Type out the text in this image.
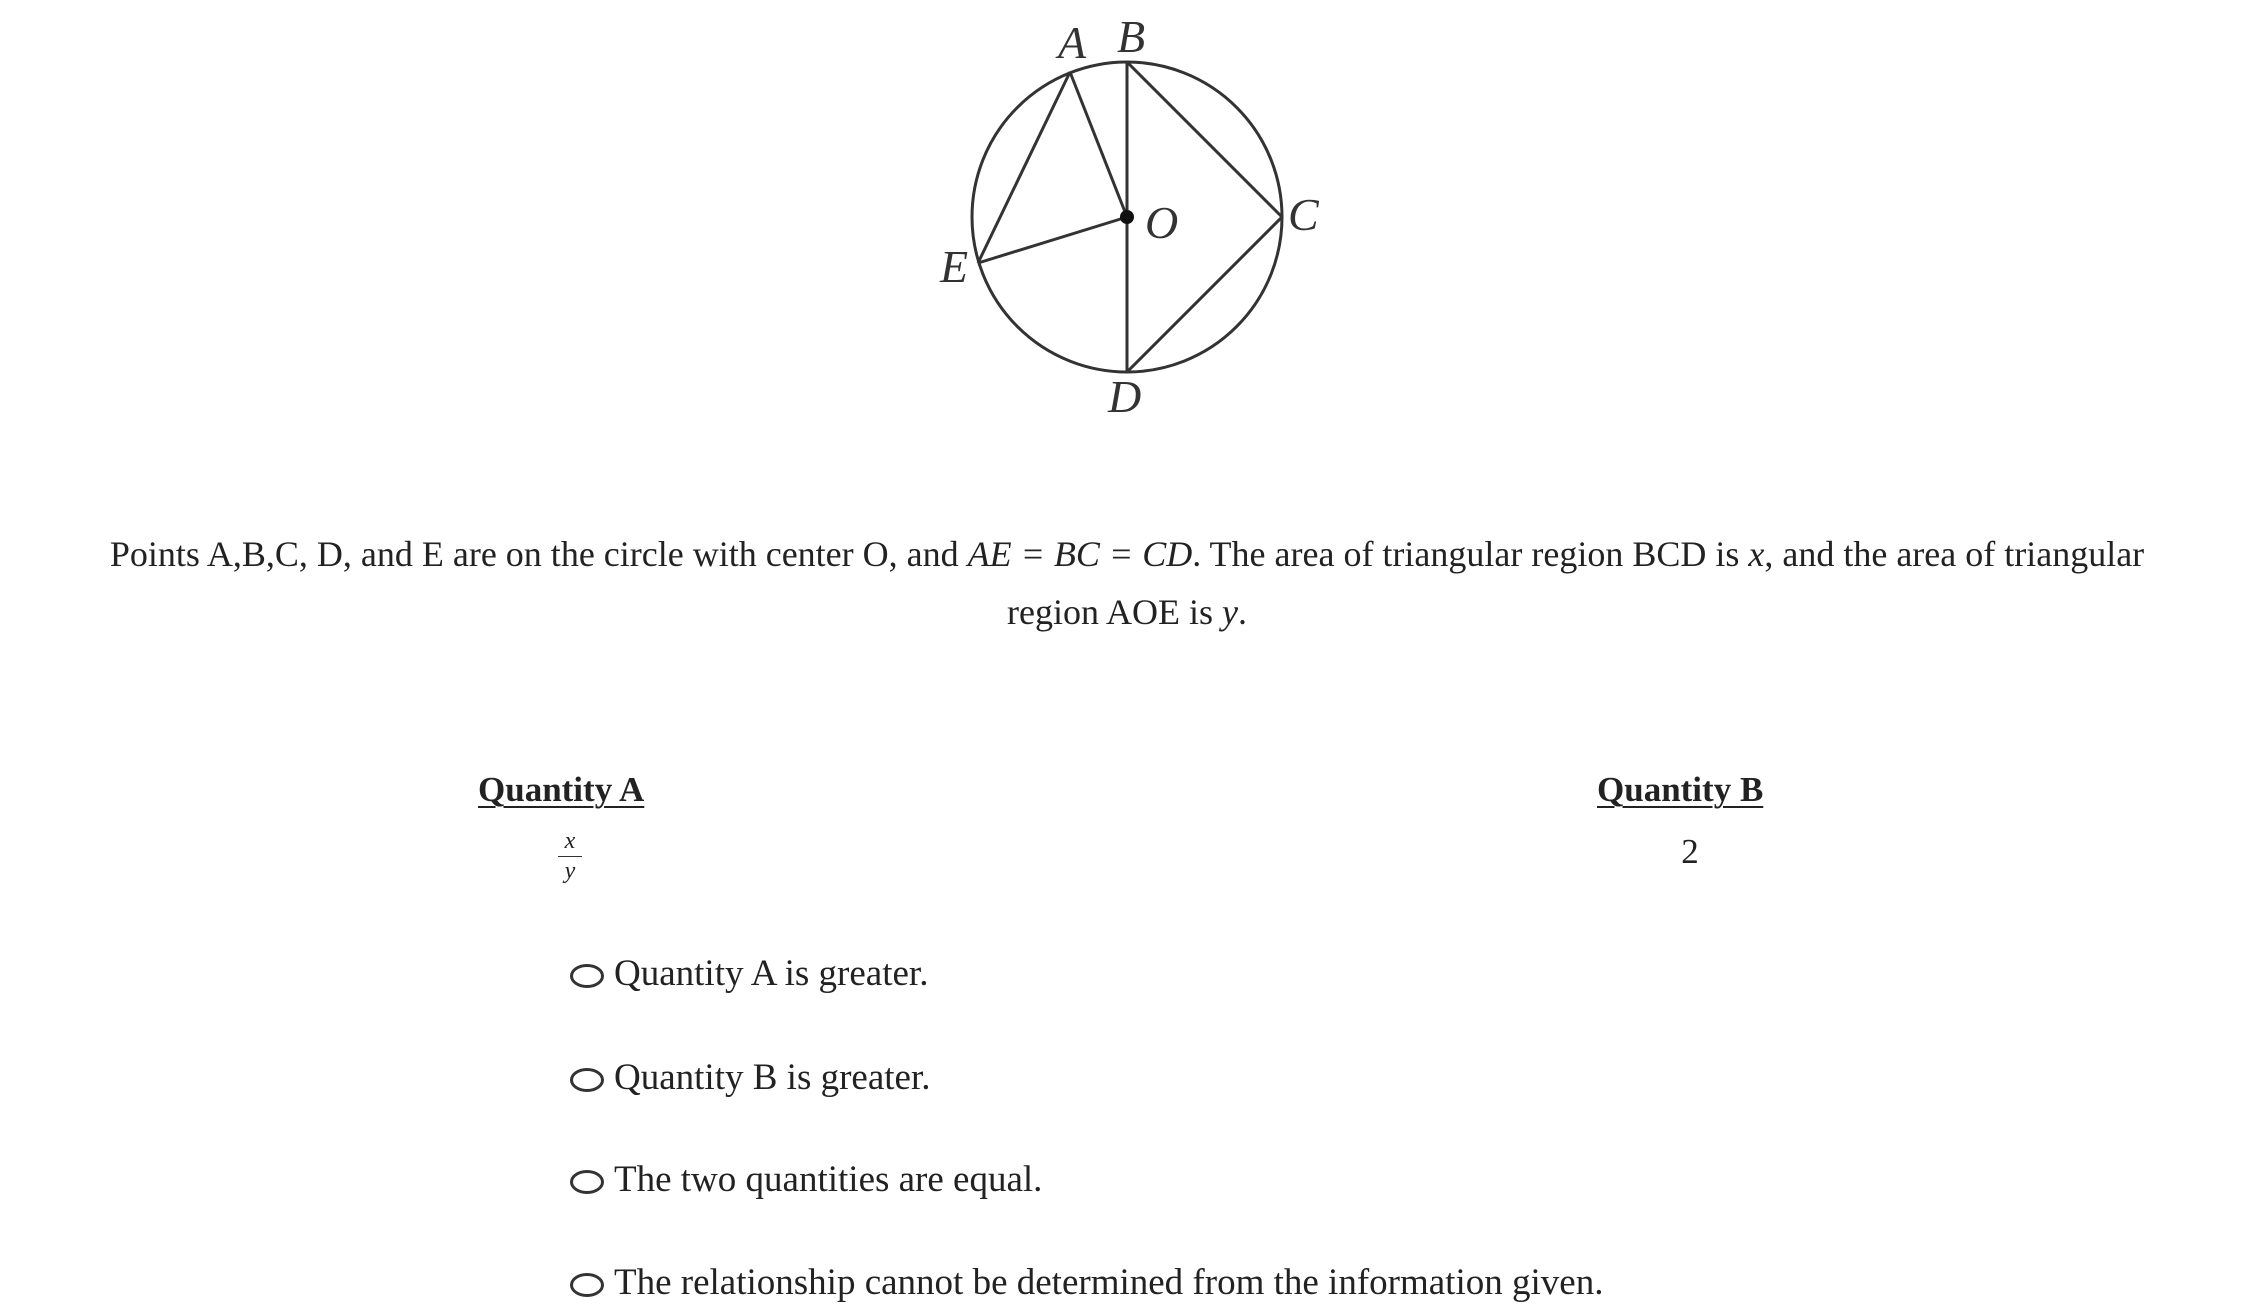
A B
C
D
E
O
Points A,B,C, D, and E are on the circle with center O, and AE = BC = CD. The area of triangular region BCD is x, and the area of triangular region AOE is y.
Quantity A
$\frac{x}{y}$
Quantity B
2
Quantity A is greater.
Quantity B is greater.
The two quantities are equal.
The relationship cannot be determined from the information given.
